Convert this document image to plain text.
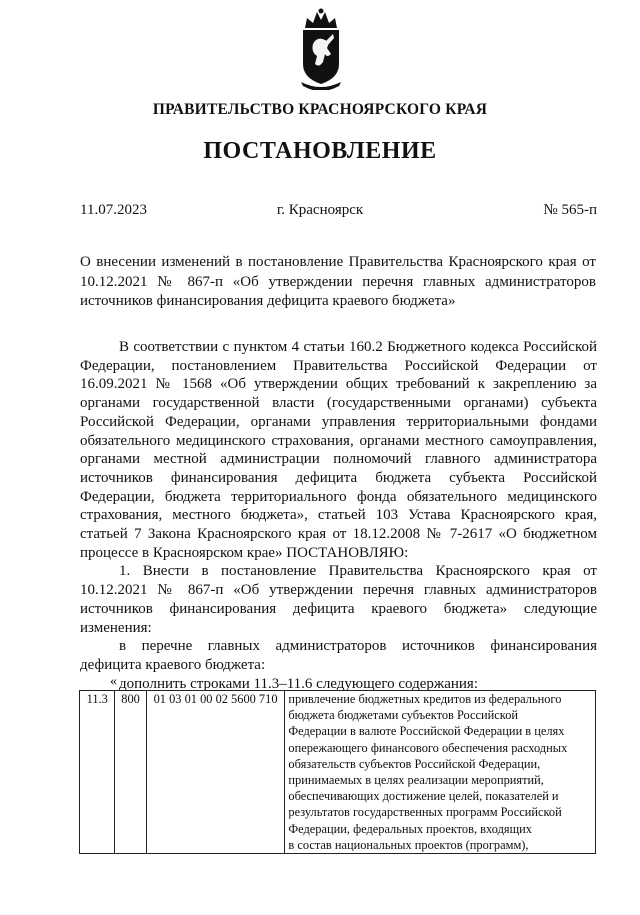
ПРАВИТЕЛЬСТВО КРАСНОЯРСКОГО КРАЯ
ПОСТАНОВЛЕНИЕ
11.07.2023	г. Красноярск	№ 565-п
О внесении изменений в постановление Правительства Красноярского края от 10.12.2021 № 867-п «Об утверждении перечня главных администраторов источников финансирования дефицита краевого бюджета»

В соответствии с пунктом 4 статьи 160.2 Бюджетного кодекса Российской Федерации, постановлением Правительства Российской Федерации от 16.09.2021 № 1568 «Об утверждении общих требований к закреплению за органами государственной власти (государственными органами) субъекта Российской Федерации, органами управления территориальными фондами обязательного медицинского страхования, органами местного самоуправления, органами местной администрации полномочий главного администратора источников финансирования дефицита бюджета субъекта Российской Федерации, бюджета территориального фонда обязательного медицинского страхования, местного бюджета», статьей 103 Устава Красноярского края, статьей 7 Закона Красноярского края от 18.12.2008 № 7-2617 «О бюджетном процессе в Красноярском крае» ПОСТАНОВЛЯЮ:

1. Внести в постановление Правительства Красноярского края от 10.12.2021 № 867-п «Об утверждении перечня главных администраторов источников финансирования дефицита краевого бюджета» следующие изменения:

в перечне главных администраторов источников финансирования дефицита краевого бюджета:

дополнить строками 11.3–11.6 следующего содержания:

«
11.3	800	01 03 01 00 02 5600 710	привлечение бюджетных кредитов из федерального
бюджета бюджетами субъектов Российской
Федерации в валюте Российской Федерации в целях
опережающего финансового обеспечения расходных
обязательств субъектов Российской Федерации,
принимаемых в целях реализации мероприятий,
обеспечивающих достижение целей, показателей и
результатов государственных программ Российской
Федерации, федеральных проектов, входящих
в состав национальных проектов (программ),
